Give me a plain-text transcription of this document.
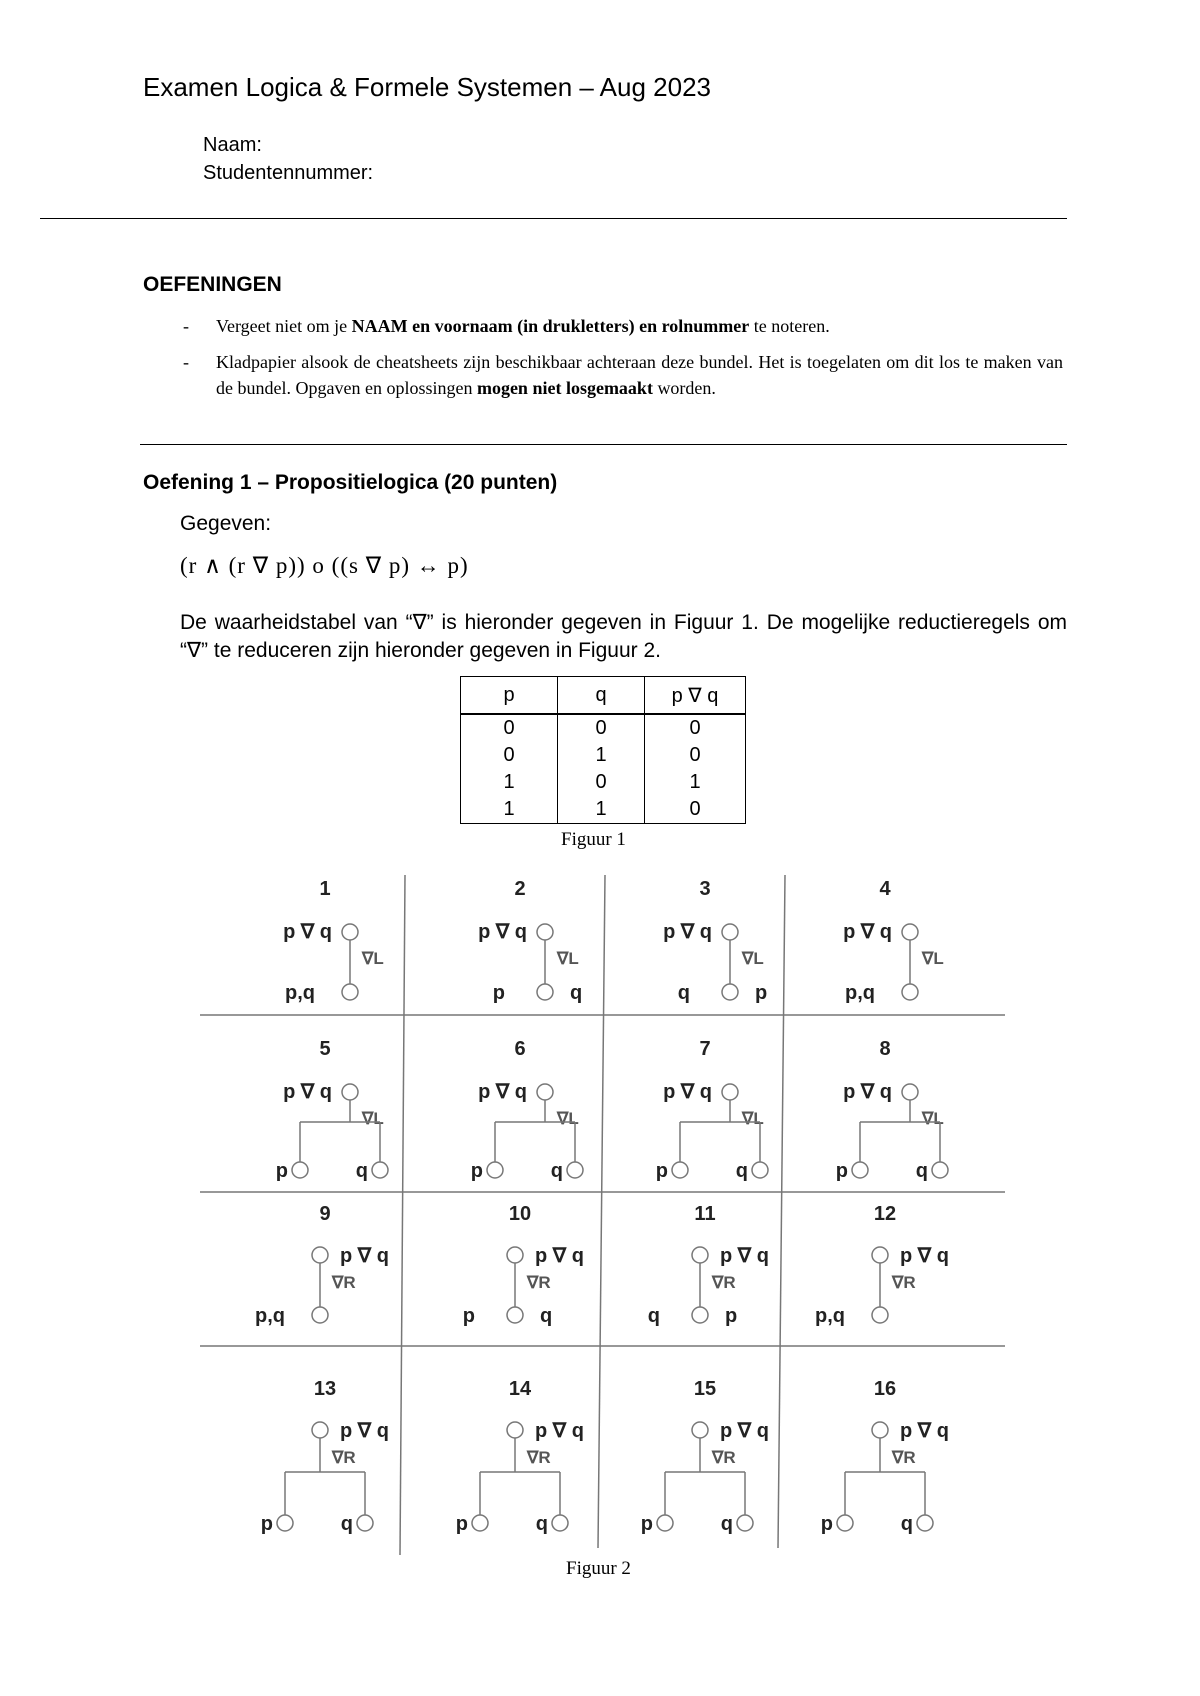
Examen Logica & Formele Systemen – Aug 2023
Naam:
Studentennummer:
OEFENINGEN
- Vergeet niet om je NAAM en voornaam (in drukletters) en rolnummer te noteren.
- Kladpapier alsook de cheatsheets zijn beschikbaar achteraan deze bundel. Het is toegelaten om dit los te maken van de bundel. Opgaven en oplossingen mogen niet losgemaakt worden.
Oefening 1 – Propositielogica (20 punten)
Gegeven:
(r ∧ (r ∇ p)) o ((s ∇ p) ↔ p)
De waarheidstabel van “∇” is hieronder gegeven in Figuur 1. De mogelijke reductieregels om “∇” te reduceren zijn hieronder gegeven in Figuur 2.
p	q	p ∇ q
0	0	0
0	1	0
1	0	1
1	1	0
Figuur 1
1
p ∇ q
∇L
p,q
2
p ∇ q
∇L
p	q
3
p ∇ q
∇L
q	p
4
p ∇ q
∇L
p,q
5
p ∇ q
∇L
p	q
6
p ∇ q
∇L
p	q
7
p ∇ q
∇L
p	q
8
p ∇ q
∇L
p	q
9
p ∇ q
∇R
p,q
10
p ∇ q
∇R
p	q
11
p ∇ q
∇R
q	p
12
p ∇ q
∇R
p,q
13
p ∇ q
∇R
p	q
14
p ∇ q
∇R
p	q
15
p ∇ q
∇R
p	q
16
p ∇ q
∇R
p	q
Figuur 2
